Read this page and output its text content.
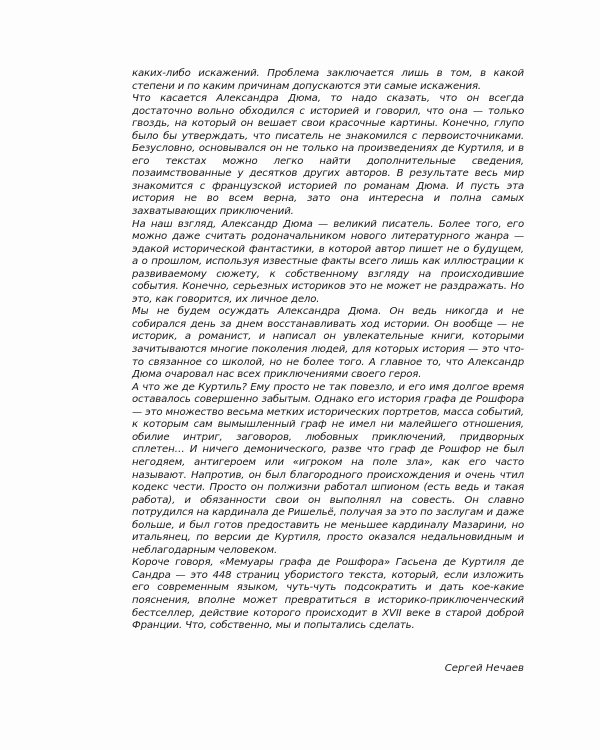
каких-либо искажений. Проблема заключается лишь в том, в какой степени и по каким причинам допускаются эти самые искажения.

Что касается Александра Дюма, то надо сказать, что он всегда достаточно вольно обходился с историей и говорил, что она — только гвоздь, на который он вешает свои красочные картины. Конечно, глупо было бы утверждать, что писатель не знакомился с первоисточниками. Безусловно, основывался он не только на произведениях де Куртиля, и в его текстах можно легко найти дополнительные сведения, позаимствованные у десятков других авторов. В результате весь мир знакомится с французской историей по романам Дюма. И пусть эта история не во всем верна, зато она интересна и полна самых захватывающих приключений.

На наш взгляд, Александр Дюма — великий писатель. Более того, его можно даже считать родоначальником нового литературного жанра — эдакой исторической фантастики, в которой автор пишет не о будущем, а о прошлом, используя известные факты всего лишь как иллюстрации к развиваемому сюжету, к собственному взгляду на происходившие события. Конечно, серьезных историков это не может не раздражать. Но это, как говорится, их личное дело.

Мы не будем осуждать Александра Дюма. Он ведь никогда и не собирался день за днем восстанавливать ход истории. Он вообще — не историк, а романист, и написал он увлекательные книги, которыми зачитываются многие поколения людей, для которых история — это что-то связанное со школой, но не более того. А главное то, что Александр Дюма очаровал нас всех приключениями своего героя.

А что же де Куртиль? Ему просто не так повезло, и его имя долгое время оставалось совершенно забытым. Однако его история графа де Рошфора — это множество весьма метких исторических портретов, масса событий, к которым сам вымышленный граф не имел ни малейшего отношения, обилие интриг, заговоров, любовных приключений, придворных сплетен… И ничего демонического, разве что граф де Рошфор не был негодяем, антигероем или «игроком на поле зла», как его часто называют. Напротив, он был благородного происхождения и очень чтил кодекс чести. Просто он полжизни работал шпионом (есть ведь и такая работа), и обязанности свои он выполнял на совесть. Он славно потрудился на кардинала де Ришельё, получая за это по заслугам и даже больше, и был готов предоставить не меньшее кардиналу Мазарини, но итальянец, по версии де Куртиля, просто оказался недальновидным и неблагодарным человеком.

Короче говоря, «Мемуары графа де Рошфора» Гасьена де Куртиля де Сандра — это 448 страниц убористого текста, который, если изложить его современным языком, чуть-чуть подсократить и дать кое-какие пояснения, вполне может превратиться в историко-приключенческий бестселлер, действие которого происходит в XVII веке в старой доброй Франции. Что, собственно, мы и попытались сделать.

Сергей Нечаев
